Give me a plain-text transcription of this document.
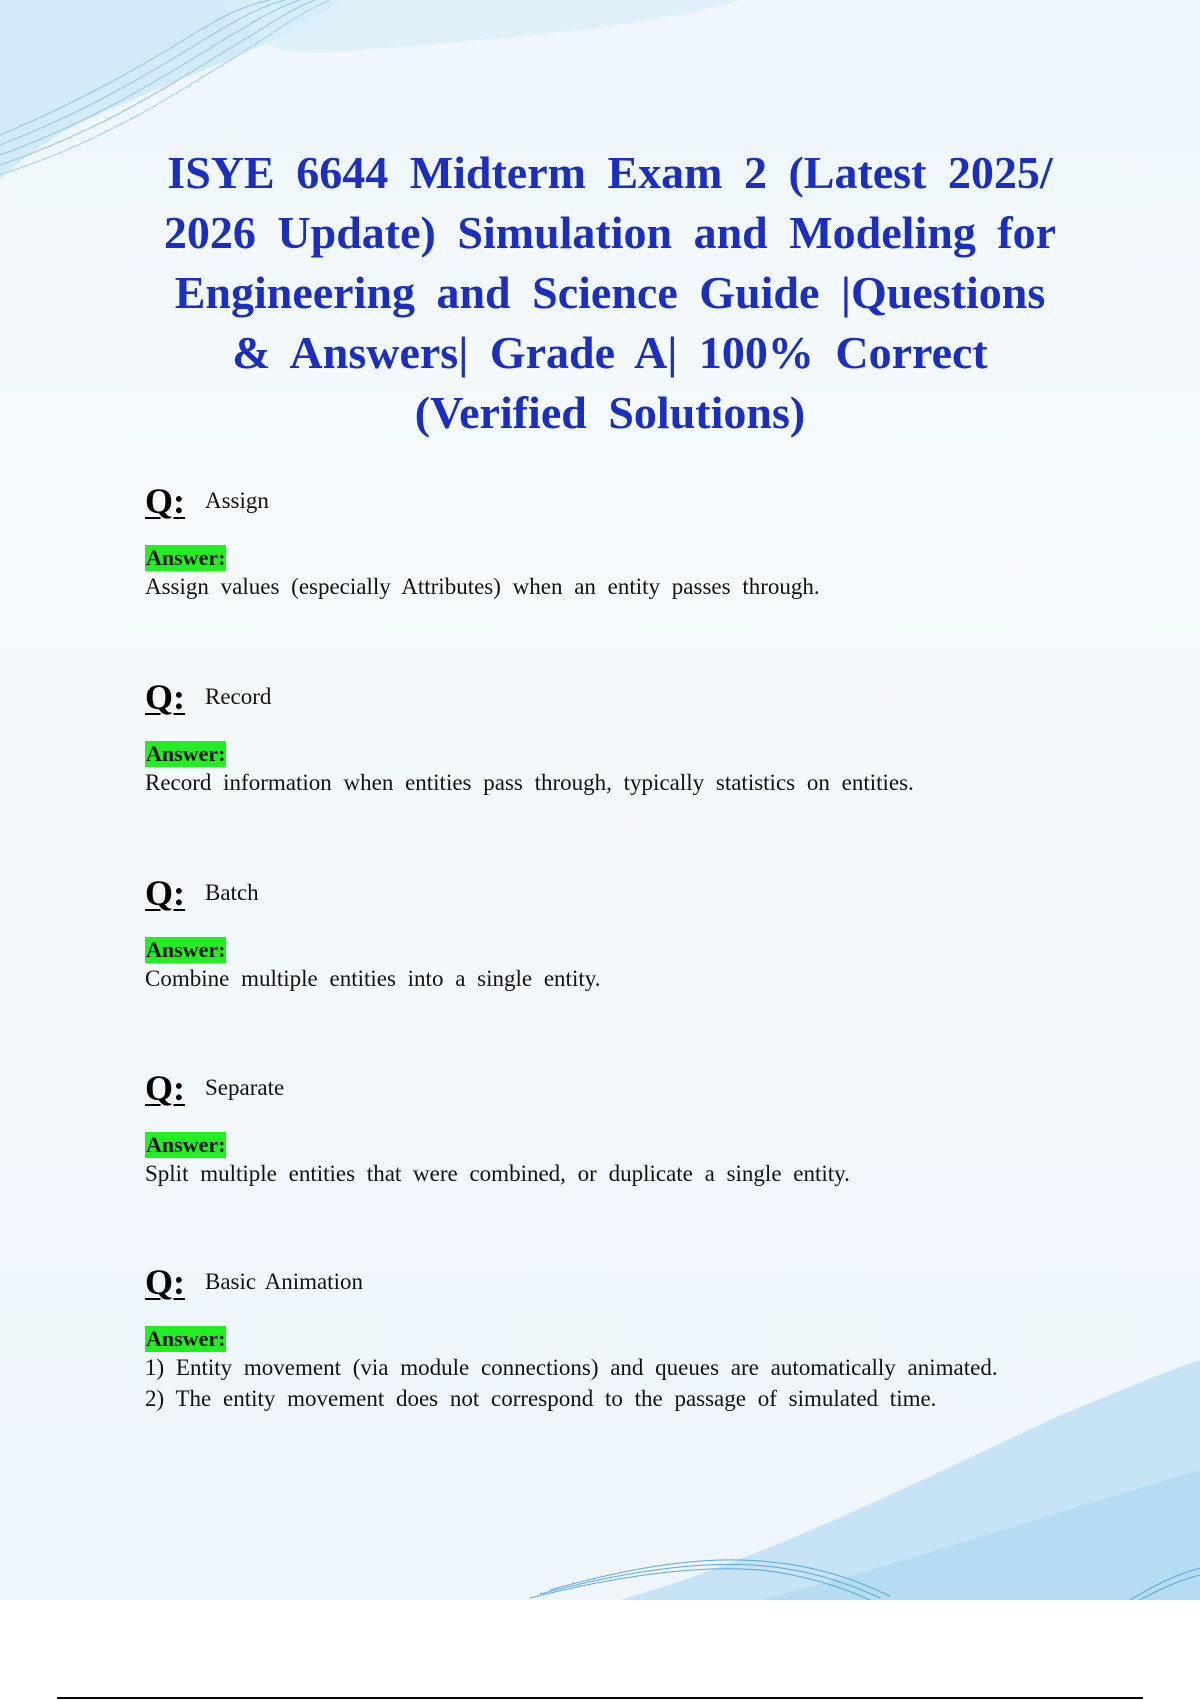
ISYE 6644 Midterm Exam 2 (Latest 2025/ 2026 Update) Simulation and Modeling for Engineering and Science Guide |Questions & Answers| Grade A| 100% Correct (Verified Solutions)
Q: Assign
Answer:
Assign values (especially Attributes) when an entity passes through.
Q: Record
Answer:
Record information when entities pass through, typically statistics on entities.
Q: Batch
Answer:
Combine multiple entities into a single entity.
Q: Separate
Answer:
Split multiple entities that were combined, or duplicate a single entity.
Q: Basic Animation
Answer:
1) Entity movement (via module connections) and queues are automatically animated.
2) The entity movement does not correspond to the passage of simulated time.
